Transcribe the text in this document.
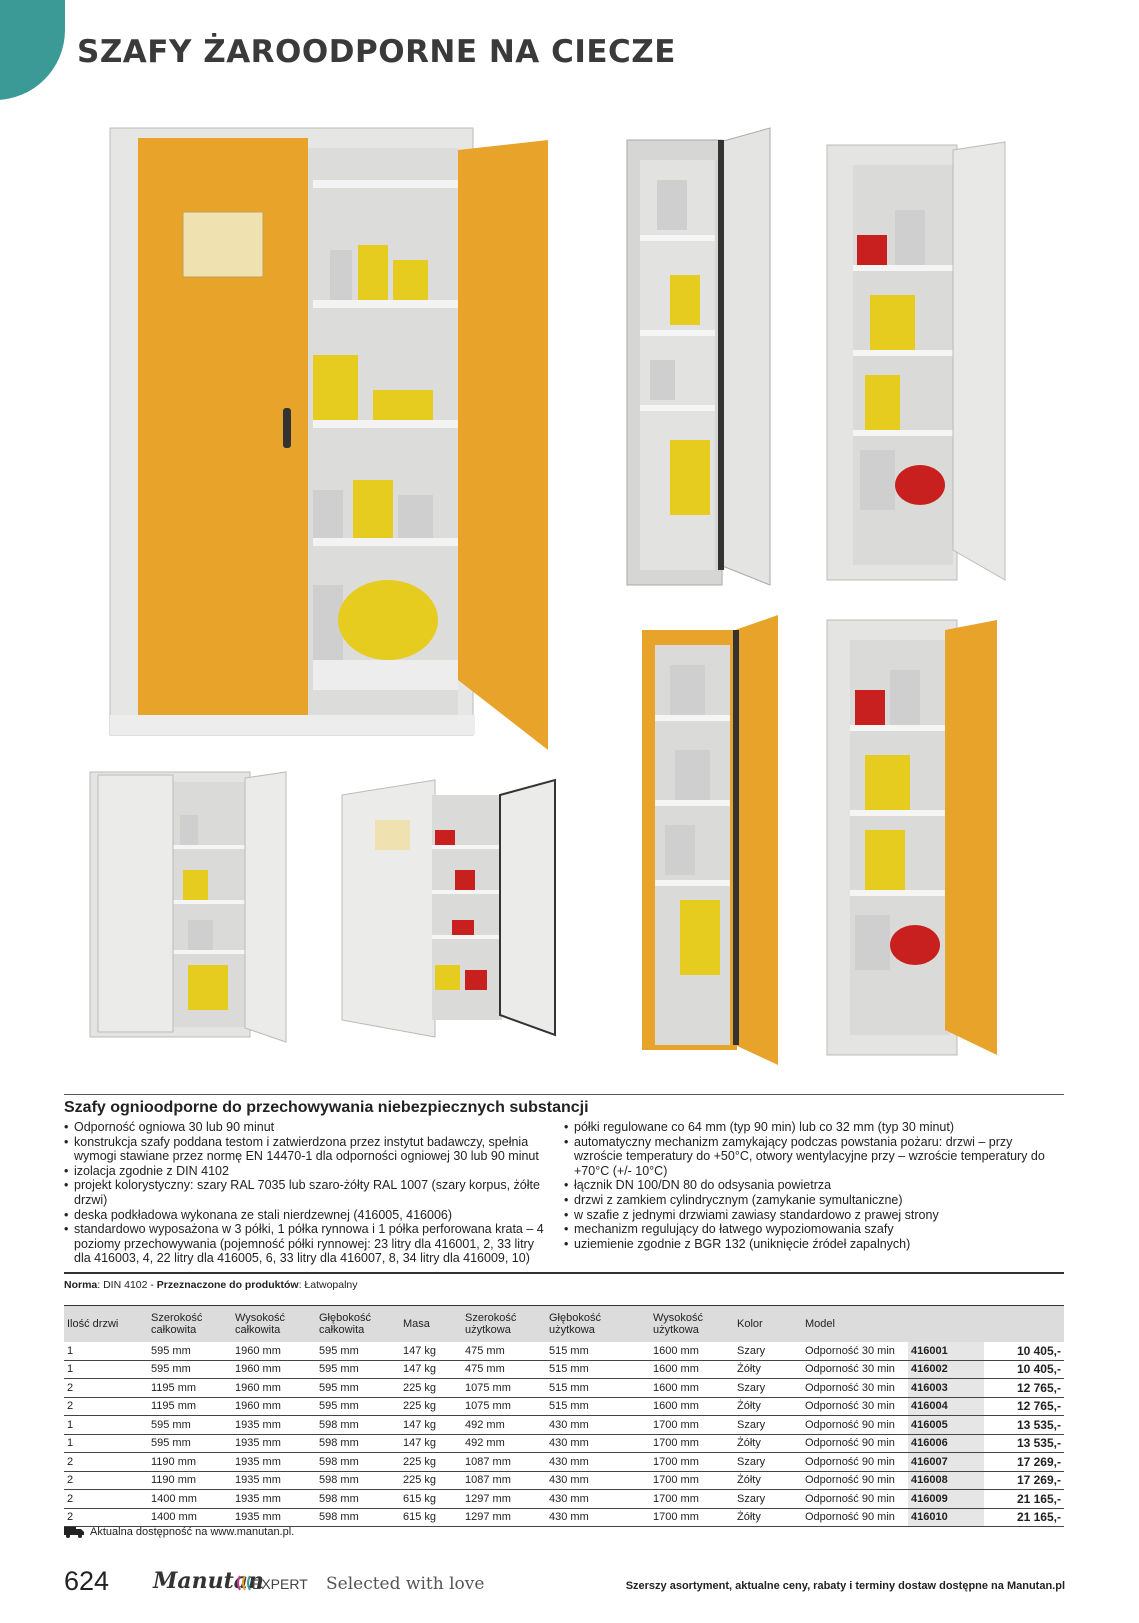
SZAFY ŻAROODPORNE NA CIECZE
Szafy ognioodporne do przechowywania niebezpiecznych substancji
• Odporność ogniowa 30 lub 90 minut
• konstrukcja szafy poddana testom i zatwierdzona przez instytut badawczy, spełnia wymogi stawiane przez normę EN 14470-1 dla odporności ogniowej 30 lub 90 minut
• izolacja zgodnie z DIN 4102
• projekt kolorystyczny: szary RAL 7035 lub szaro-żółty RAL 1007 (szary korpus, żółte drzwi)
• deska podkładowa wykonana ze stali nierdzewnej (416005, 416006)
• standardowo wyposażona w 3 półki, 1 półka rynnowa i 1 półka perforowana krata – 4 poziomy przechowywania (pojemność półki rynnowej: 23 litry dla 416001, 2, 33 litry dla 416003, 4, 22 litry dla 416005, 6, 33 litry dla 416007, 8, 34 litry dla 416009, 10)
• półki regulowane co 64 mm (typ 90 min) lub co 32 mm (typ 30 minut)
• automatyczny mechanizm zamykający podczas powstania pożaru: drzwi – przy wzroście temperatury do +50°C, otwory wentylacyjne przy – wzroście temperatury do +70°C (+/- 10°C)
• łącznik DN 100/DN 80 do odsysania powietrza
• drzwi z zamkiem cylindrycznym (zamykanie symultaniczne)
• w szafie z jednymi drzwiami zawiasy standardowo z prawej strony
• mechanizm regulujący do łatwego wypoziomowania szafy
• uziemienie zgodnie z BGR 132 (uniknięcie źródeł zapalnych)
Norma: DIN 4102 - Przeznaczone do produktów: Łatwopalny
Ilość drzwi	Szerokość całkowita	Wysokość całkowita	Głębokość całkowita	Masa	Szerokość użytkowa	Głębokość użytkowa	Wysokość użytkowa	Kolor	Model		
1	595 mm	1960 mm	595 mm	147 kg	475 mm	515 mm	1600 mm	Szary	Odporność 30 min	416001	10 405,-
1	595 mm	1960 mm	595 mm	147 kg	475 mm	515 mm	1600 mm	Żółty	Odporność 30 min	416002	10 405,-
2	1195 mm	1960 mm	595 mm	225 kg	1075 mm	515 mm	1600 mm	Szary	Odporność 30 min	416003	12 765,-
2	1195 mm	1960 mm	595 mm	225 kg	1075 mm	515 mm	1600 mm	Żółty	Odporność 30 min	416004	12 765,-
1	595 mm	1935 mm	598 mm	147 kg	492 mm	430 mm	1700 mm	Szary	Odporność 90 min	416005	13 535,-
1	595 mm	1935 mm	598 mm	147 kg	492 mm	430 mm	1700 mm	Żółty	Odporność 90 min	416006	13 535,-
2	1190 mm	1935 mm	598 mm	225 kg	1087 mm	430 mm	1700 mm	Szary	Odporność 90 min	416007	17 269,-
2	1190 mm	1935 mm	598 mm	225 kg	1087 mm	430 mm	1700 mm	Żółty	Odporność 90 min	416008	17 269,-
2	1400 mm	1935 mm	598 mm	615 kg	1297 mm	430 mm	1700 mm	Szary	Odporność 90 min	416009	21 165,-
2	1400 mm	1935 mm	598 mm	615 kg	1297 mm	430 mm	1700 mm	Żółty	Odporność 90 min	416010	21 165,-
Aktualna dostępność na www.manutan.pl.
624 Manutan
EXPERT Selected with love	Szerszy asortyment, aktualne ceny, rabaty i terminy dostaw dostępne na Manutan.pl
